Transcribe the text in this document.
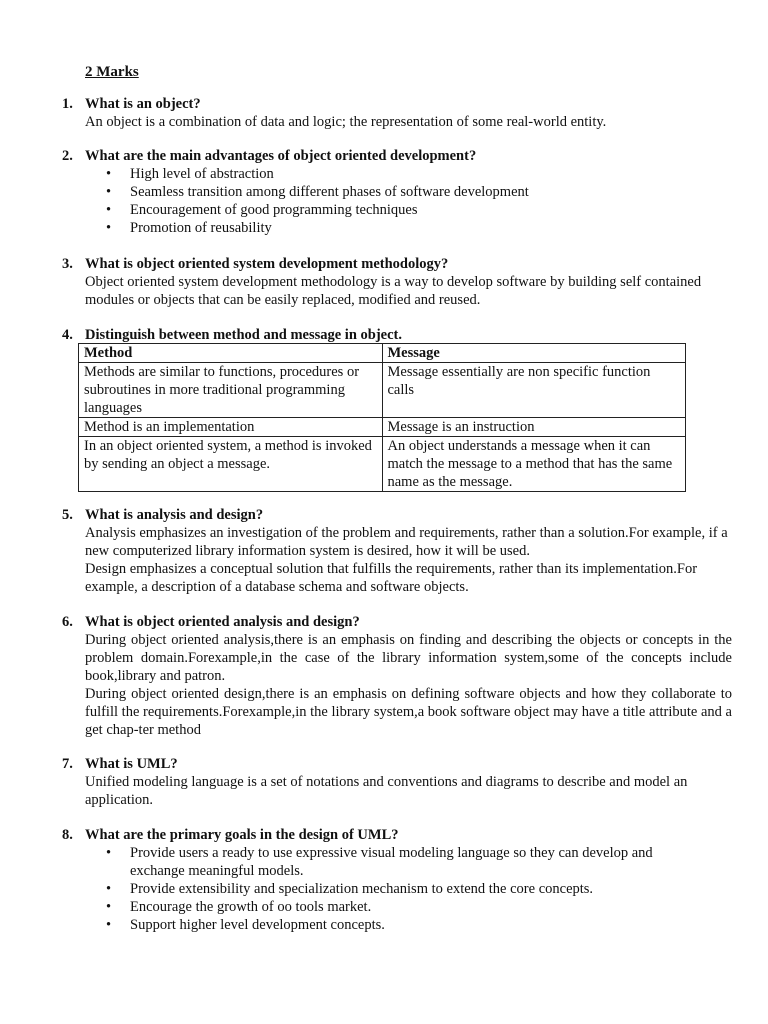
2 Marks
1. What is an object?
An object is a combination of data and logic; the representation of some real-world entity.
2. What are the main advantages of object oriented development?
• High level of abstraction
• Seamless transition among different phases of software development
• Encouragement of good programming techniques
• Promotion of reusability
3. What is object oriented system development methodology?
Object oriented system development methodology is a way to develop software by building self contained modules or objects that can be easily replaced, modified and reused.
4. Distinguish between method and message in object.
Method	Message
Methods are similar to functions, procedures or subroutines in more traditional programming languages	Message essentially are non specific function calls
Method is an implementation	Message is an instruction
In an object oriented system, a method is invoked by sending an object a message.	An object understands a message when it can match the message to a method that has the same name as the message.
5. What is analysis and design?
Analysis emphasizes an investigation of the problem and requirements, rather than a solution.For example, if a new computerized library information system is desired, how it will be used.
Design emphasizes a conceptual solution that fulfills the requirements, rather than its implementation.For example, a description of a database schema and software objects.
6. What is object oriented analysis and design?
During object oriented analysis,there is an emphasis on finding and describing the objects or concepts in the problem domain.Forexample,in the case of the library information system,some of the concepts include book,library and patron.
During object oriented design,there is an emphasis on defining software objects and how they collaborate to fulfill the requirements.Forexample,in the library system,a book software object may have a title attribute and a get chap-ter method
7. What is UML?
Unified modeling language is a set of notations and conventions and diagrams to describe and model an application.
8. What are the primary goals in the design of UML?
• Provide users a ready to use expressive visual modeling language so they can develop and exchange meaningful models.
• Provide extensibility and specialization mechanism to extend the core concepts.
• Encourage the growth of oo tools market.
• Support higher level development concepts.
